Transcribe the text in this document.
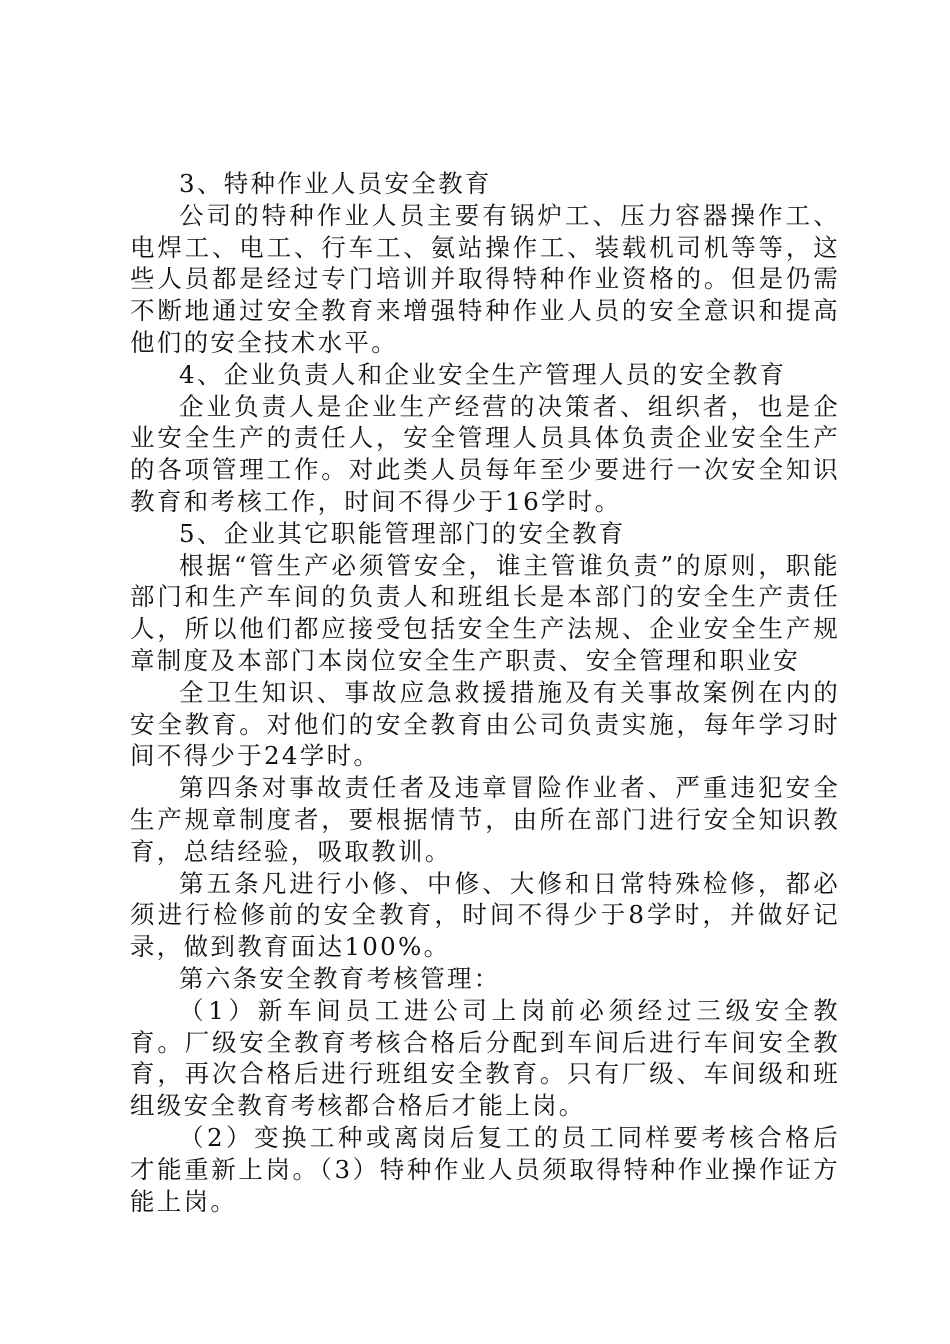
3、特种作业人员安全教育

公司的特种作业人员主要有锅炉工、压力容器操作工、电焊工、电工、行车工、氨站操作工、装载机司机等等，这些人员都是经过专门培训并取得特种作业资格的。但是仍需不断地通过安全教育来增强特种作业人员的安全意识和提高他们的安全技术水平。

4、企业负责人和企业安全生产管理人员的安全教育

企业负责人是企业生产经营的决策者、组织者，也是企业安全生产的责任人，安全管理人员具体负责企业安全生产的各项管理工作。对此类人员每年至少要进行一次安全知识教育和考核工作，时间不得少于16学时。

5、企业其它职能管理部门的安全教育

根据“管生产必须管安全，谁主管谁负责”的原则，职能部门和生产车间的负责人和班组长是本部门的安全生产责任人，所以他们都应接受包括安全生产法规、企业安全生产规章制度及本部门本岗位安全生产职责、安全管理和职业安

全卫生知识、事故应急救援措施及有关事故案例在内的安全教育。对他们的安全教育由公司负责实施，每年学习时间不得少于24学时。

第四条对事故责任者及违章冒险作业者、严重违犯安全生产规章制度者，要根据情节，由所在部门进行安全知识教育，总结经验，吸取教训。

第五条凡进行小修、中修、大修和日常特殊检修，都必须进行检修前的安全教育，时间不得少于8学时，并做好记录，做到教育面达100%。

第六条安全教育考核管理：

（1）新车间员工进公司上岗前必须经过三级安全教育。厂级安全教育考核合格后分配到车间后进行车间安全教育，再次合格后进行班组安全教育。只有厂级、车间级和班组级安全教育考核都合格后才能上岗。

（2）变换工种或离岗后复工的员工同样要考核合格后才能重新上岗。（3）特种作业人员须取得特种作业操作证方能上岗。
